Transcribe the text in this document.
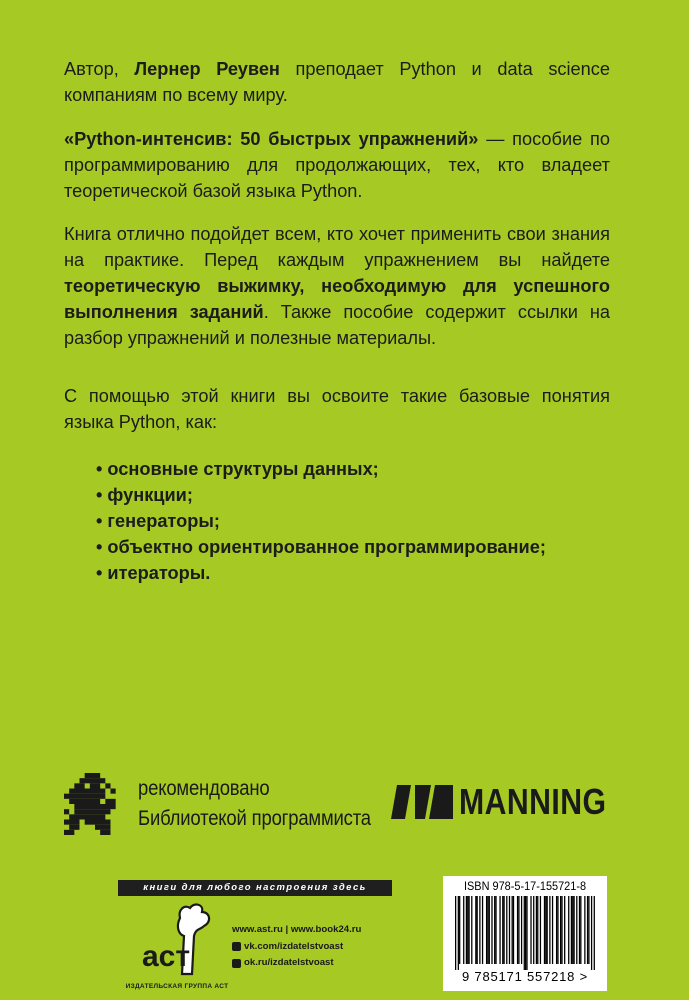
Автор, Лернер Реувен преподает Python и data science компаниям по всему миру.
«Python-интенсив: 50 быстрых упражнений» — пособие по программированию для продолжающих, тех, кто владеет теоретической базой языка Python.
Книга отлично подойдет всем, кто хочет применить свои знания на практике. Перед каждым упражнением вы найдете теоретическую выжимку, необходимую для успешного выполнения заданий. Также пособие содержит ссылки на разбор упражнений и полезные материалы.
С помощью этой книги вы освоите такие базовые понятия языка Python, как:
• основные структуры данных;
• функции;
• генераторы;
• объектно ориентированное программирование;
• итераторы.
рекомендовано
Библиотекой программиста MANNING
книги для любого настроения здесь
аст
ИЗДАТЕЛЬСКАЯ ГРУППА АСТ
www.ast.ru | www.book24.ru
vk.com/izdatelstvoast
ok.ru/izdatelstvoast
ISBN 978-5-17-155721-8
9 785171 557218 >
